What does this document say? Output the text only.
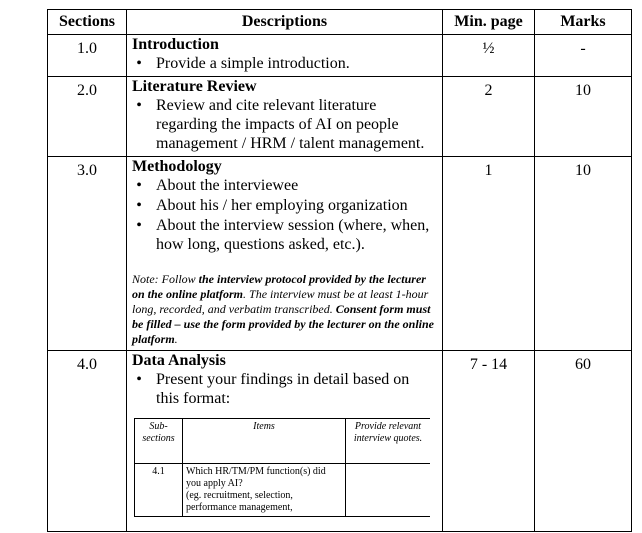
Sections	Descriptions	Min. page	Marks
1.0	Introduction
• Provide a simple introduction.
	½	-
2.0	Literature Review
• Review and cite relevant literature regarding the impacts of AI on people management / HRM / talent management.
	2	10
3.0	Methodology
• About the interviewee
• About his / her employing organization
• About the interview session (where, when, how long, questions asked, etc.).
Note: Follow the interview protocol provided by the lecturer on the online platform. The interview must be at least 1-hour long, recorded, and verbatim transcribed. Consent form must be filled – use the form provided by the lecturer on the online platform.
	1	10
4.0	Data Analysis
• Present your findings in detail based on this format:
Sub-sections	Items	Provide relevant interview quotes.
4.1	Which HR/TM/PM function(s) did you apply AI?
(eg. recruitment, selection, performance management,

	7 - 14	60
